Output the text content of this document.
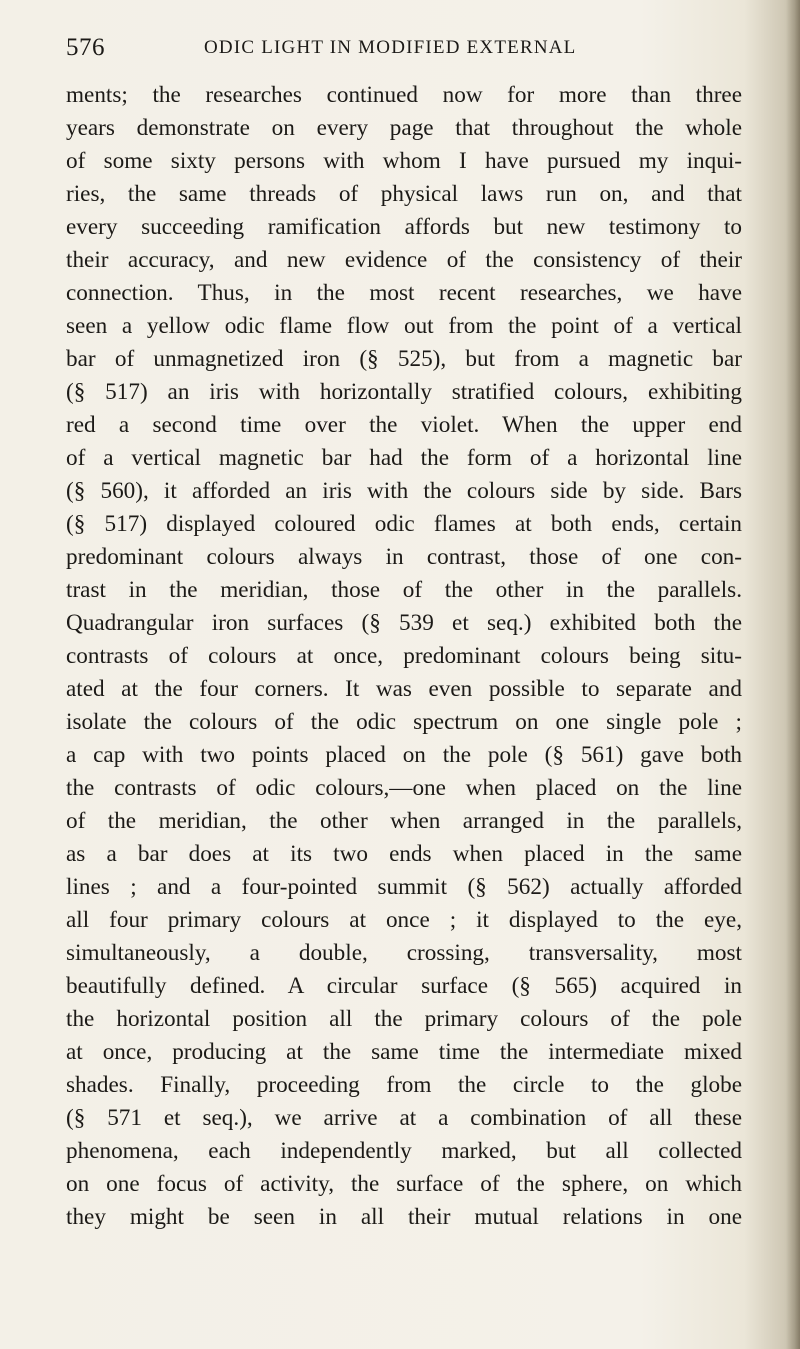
576	ODIC LIGHT IN MODIFIED EXTERNAL
ments; the researches continued now for more than three
years demonstrate on every page that throughout the whole
of some sixty persons with whom I have pursued my inqui-
ries, the same threads of physical laws run on, and that
every succeeding ramification affords but new testimony to
their accuracy, and new evidence of the consistency of their
connection. Thus, in the most recent researches, we have
seen a yellow odic flame flow out from the point of a vertical
bar of unmagnetized iron (§ 525), but from a magnetic bar
(§ 517) an iris with horizontally stratified colours, exhibiting
red a second time over the violet. When the upper end
of a vertical magnetic bar had the form of a horizontal line
(§ 560), it afforded an iris with the colours side by side. Bars
(§ 517) displayed coloured odic flames at both ends, certain
predominant colours always in contrast, those of one con-
trast in the meridian, those of the other in the parallels.
Quadrangular iron surfaces (§ 539 et seq.) exhibited both the
contrasts of colours at once, predominant colours being situ-
ated at the four corners. It was even possible to separate and
isolate the colours of the odic spectrum on one single pole ;
a cap with two points placed on the pole (§ 561) gave both
the contrasts of odic colours,—one when placed on the line
of the meridian, the other when arranged in the parallels,
as a bar does at its two ends when placed in the same
lines ; and a four-pointed summit (§ 562) actually afforded
all four primary colours at once ; it displayed to the eye,
simultaneously, a double, crossing, transversality, most
beautifully defined. A circular surface (§ 565) acquired in
the horizontal position all the primary colours of the pole
at once, producing at the same time the intermediate mixed
shades. Finally, proceeding from the circle to the globe
(§ 571 et seq.), we arrive at a combination of all these
phenomena, each independently marked, but all collected
on one focus of activity, the surface of the sphere, on which
they might be seen in all their mutual relations in one
